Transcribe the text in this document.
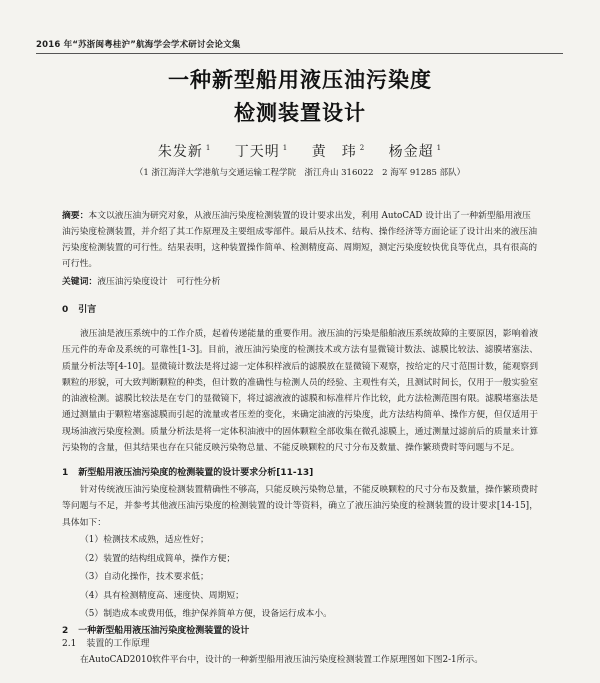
2016 年“苏浙闽粤桂沪”航海学会学术研讨会论文集
一种新型船用液压油污染度
检测装置设计
朱发新 $^1$ 丁天明 $^1$ 黄　玮 $^2$ 杨金超 $^1$
（1 浙江海洋大学港航与交通运输工程学院　浙江舟山 316022　2 海军 91285 部队）
摘要：本文以液压油为研究对象，从液压油污染度检测装置的设计要求出发，利用 AutoCAD 设计出了一种新型船用液压油污染度检测装置，并介绍了其工作原理及主要组成零部件。最后从技术、结构、操作经济等方面论证了设计出来的液压油污染度检测装置的可行性。结果表明，这种装置操作简单、检测精度高、周期短，测定污染度较快优良等优点，具有很高的可行性。
关键词：液压油污染度设计　可行性分析
0 引言
液压油是液压系统中的工作介质，起着传递能量的重要作用。液压油的污染是船舶液压系统故障的主要原因，影响着液压元件的寿命及系统的可靠性[1-3]。目前，液压油污染度的检测技术或方法有显微镜计数法、滤膜比较法、滤膜堵塞法、质量分析法等[4-10]。显微镜计数法是将过滤一定体积样液后的滤膜放在显微镜下观察，按给定的尺寸范围计数，能观察到颗粒的形貌，可大致判断颗粒的种类，但计数的准确性与检测人员的经验、主观性有关，且测试时间长，仅用于一般实验室的油液检测。滤膜比较法是在专门的显微镜下，将过滤液液的滤膜和标准样片作比较，此方法检测范围有限。滤膜堵塞法是通过测量由于颗粒堵塞滤膜而引起的流量或者压差的变化，来确定油液的污染度，此方法结构简单、操作方便，但仅适用于现场油液污染度检测。质量分析法是将一定体积油液中的固体颗粒全部收集在微孔滤膜上，通过测量过滤前后的质量来计算污染物的含量，但其结果也存在只能反映污染物总量、不能反映颗粒的尺寸分布及数量、操作繁琐费时等问题与不足。
1 新型船用液压油污染度的检测装置的设计要求分析[11-13]
针对传统液压油污染度检测装置精确性不够高，只能反映污染物总量，不能反映颗粒的尺寸分布及数量，操作繁琐费时等问题与不足，并参考其他液压油污染度的检测装置的设计等资料，确立了液压油污染度的检测装置的设计要求[14-15]，具体如下：
（1）检测技术成熟，适应性好；
（2）装置的结构组成简单，操作方便；
（3）自动化操作，技术要求低；
（4）具有检测精度高、速度快、周期短；
（5）制造成本或费用低，维护保养简单方便，设备运行成本小。
2 一种新型船用液压油污染度检测装置的设计
2.1 装置的工作原理
在AutoCAD2010软件平台中，设计的一种新型船用液压油污染度检测装置工作原理图如下图2-1所示。
